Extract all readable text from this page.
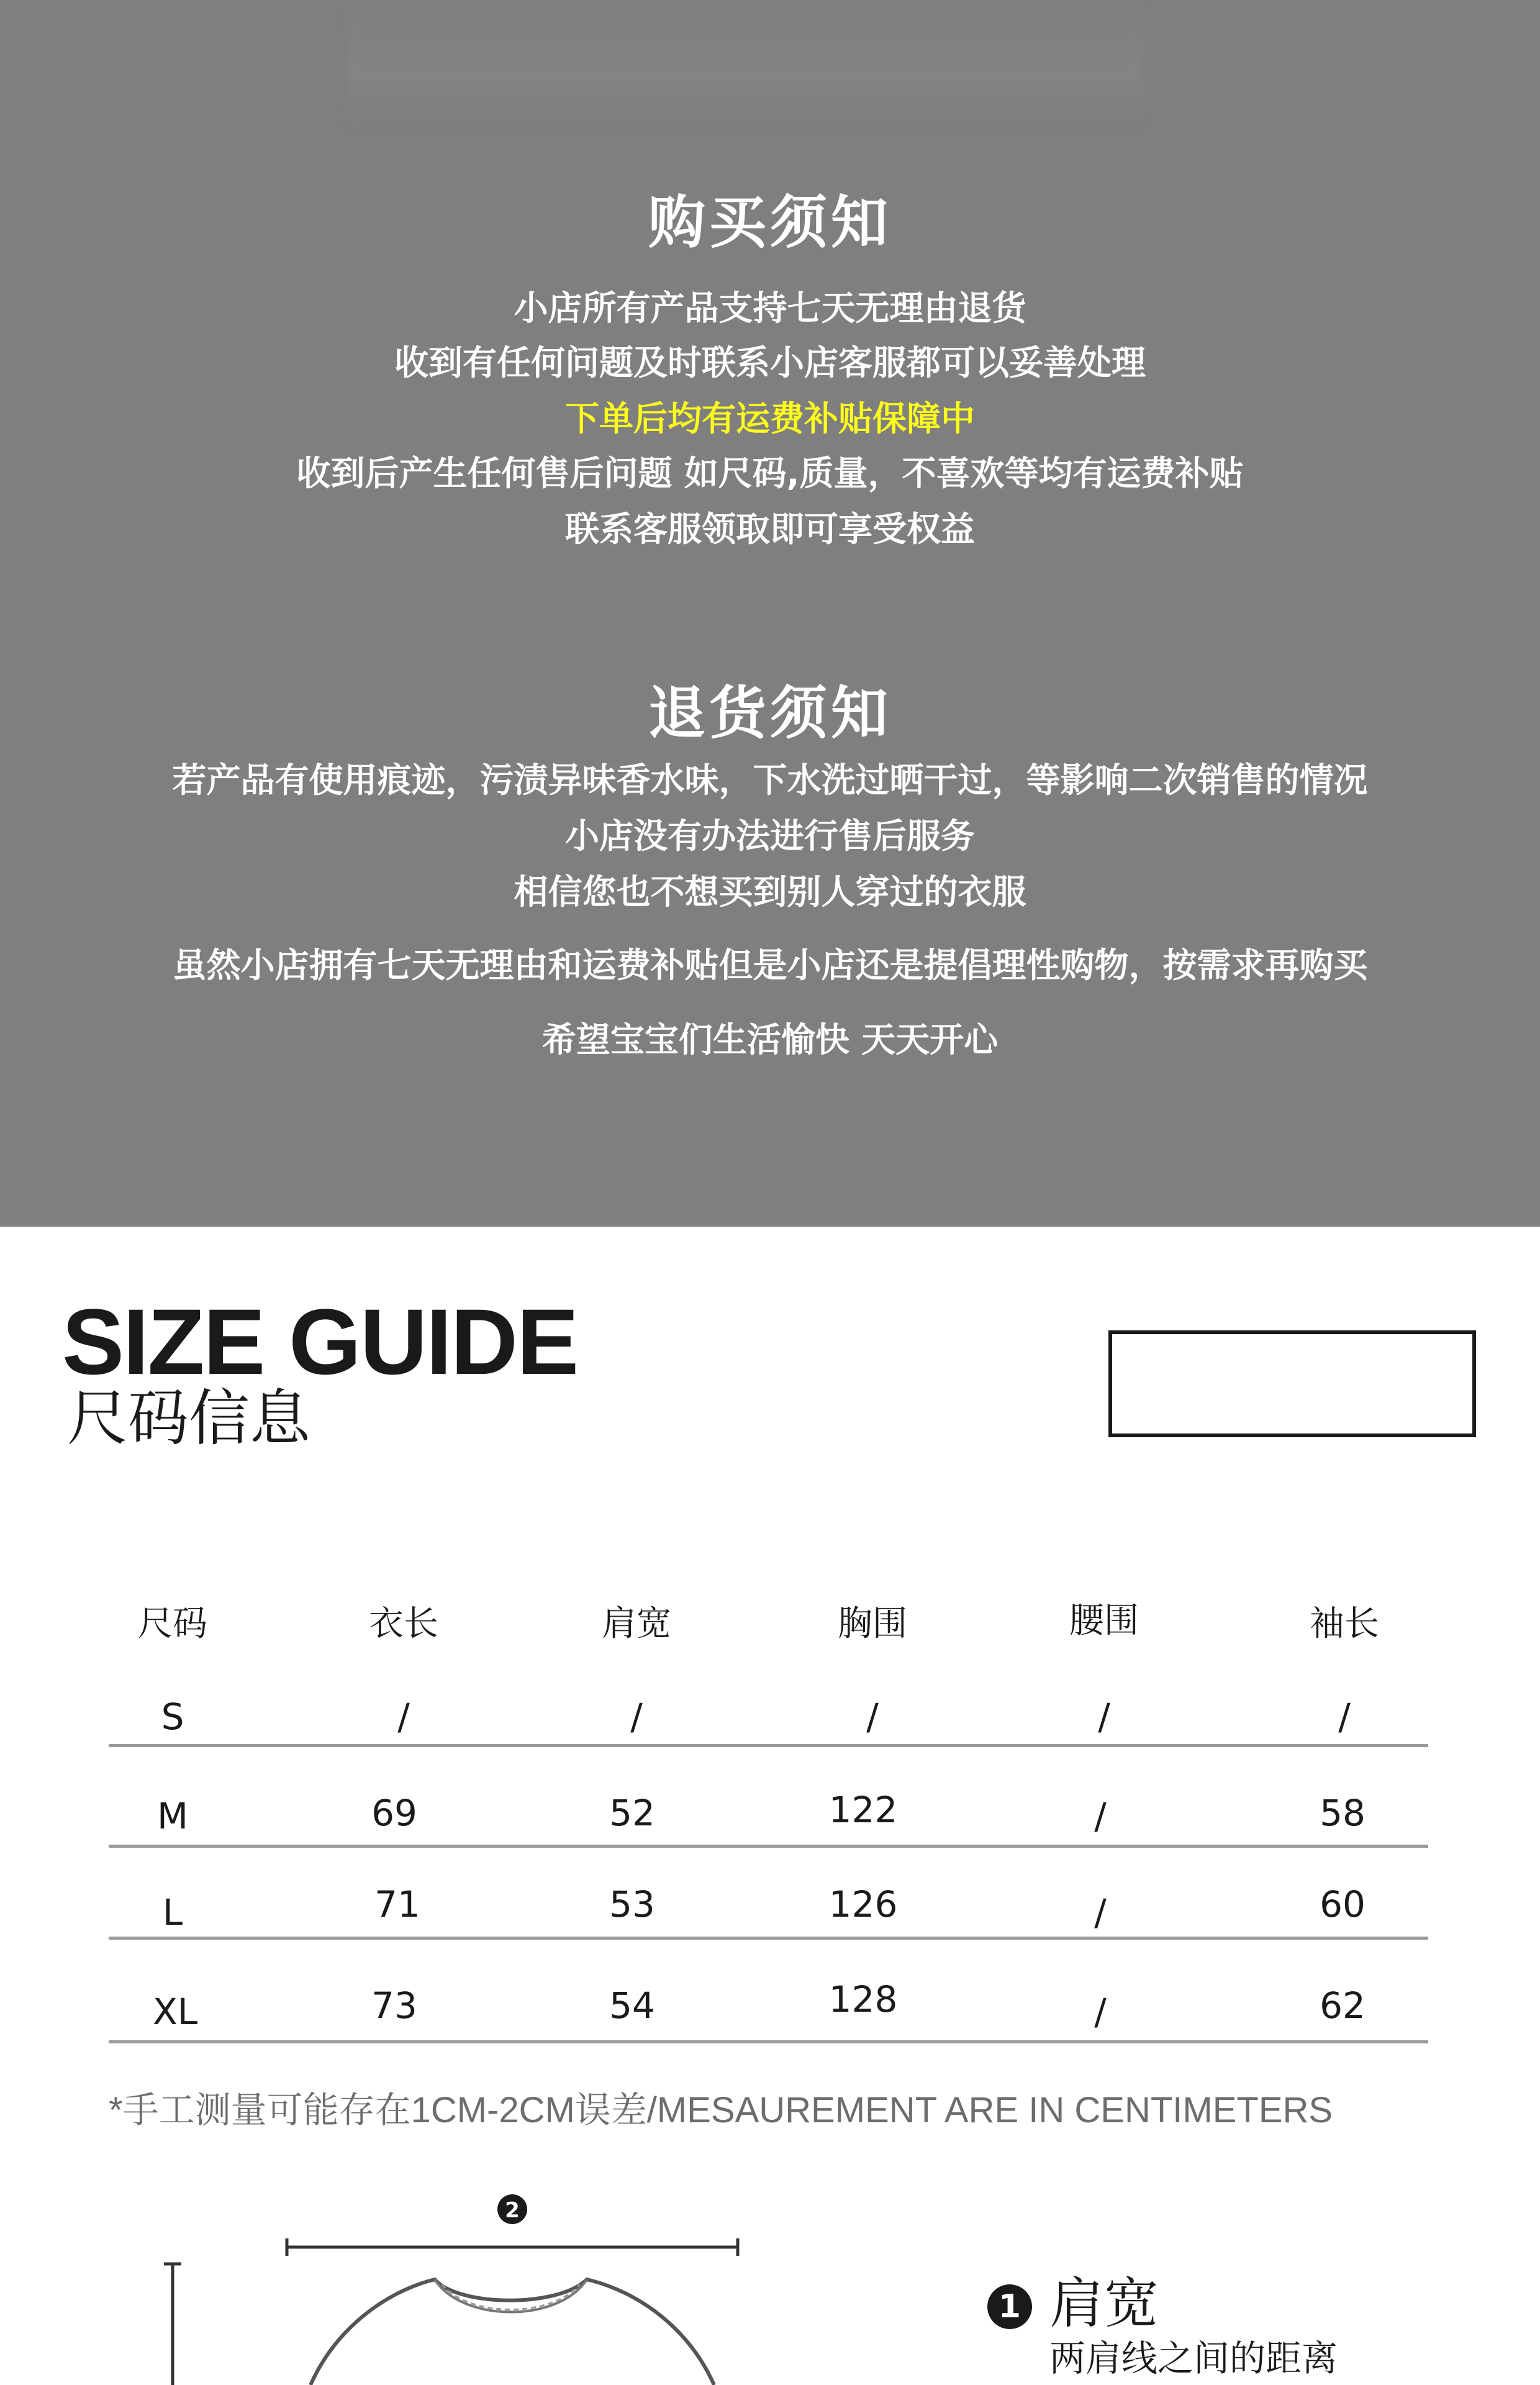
购买须知
小店所有产品支持七天无理由退货
收到有任何问题及时联系小店客服都可以妥善处理
下单后均有运费补贴保障中
收到后产生任何售后问题 如尺码,质量，不喜欢等均有运费补贴
联系客服领取即可享受权益
退货须知
若产品有使用痕迹，污渍异味香水味，下水洗过晒干过，等影响二次销售的情况
小店没有办法进行售后服务
相信您也不想买到别人穿过的衣服
虽然小店拥有七天无理由和运费补贴但是小店还是提倡理性购物，按需求再购买
希望宝宝们生活愉快 天天开心
SIZE GUIDE
尺码信息
尺码	衣长	肩宽	胸围	腰围	袖长
S	/	/	/	/	/
M	69	52	122	/	58
L	71	53	126	/	60
XL	73	54	128	/	62
*手工测量可能存在1CM-2CM误差/MESAUREMENT ARE IN CENTIMETERS
2
1 肩宽
两肩线之间的距离
